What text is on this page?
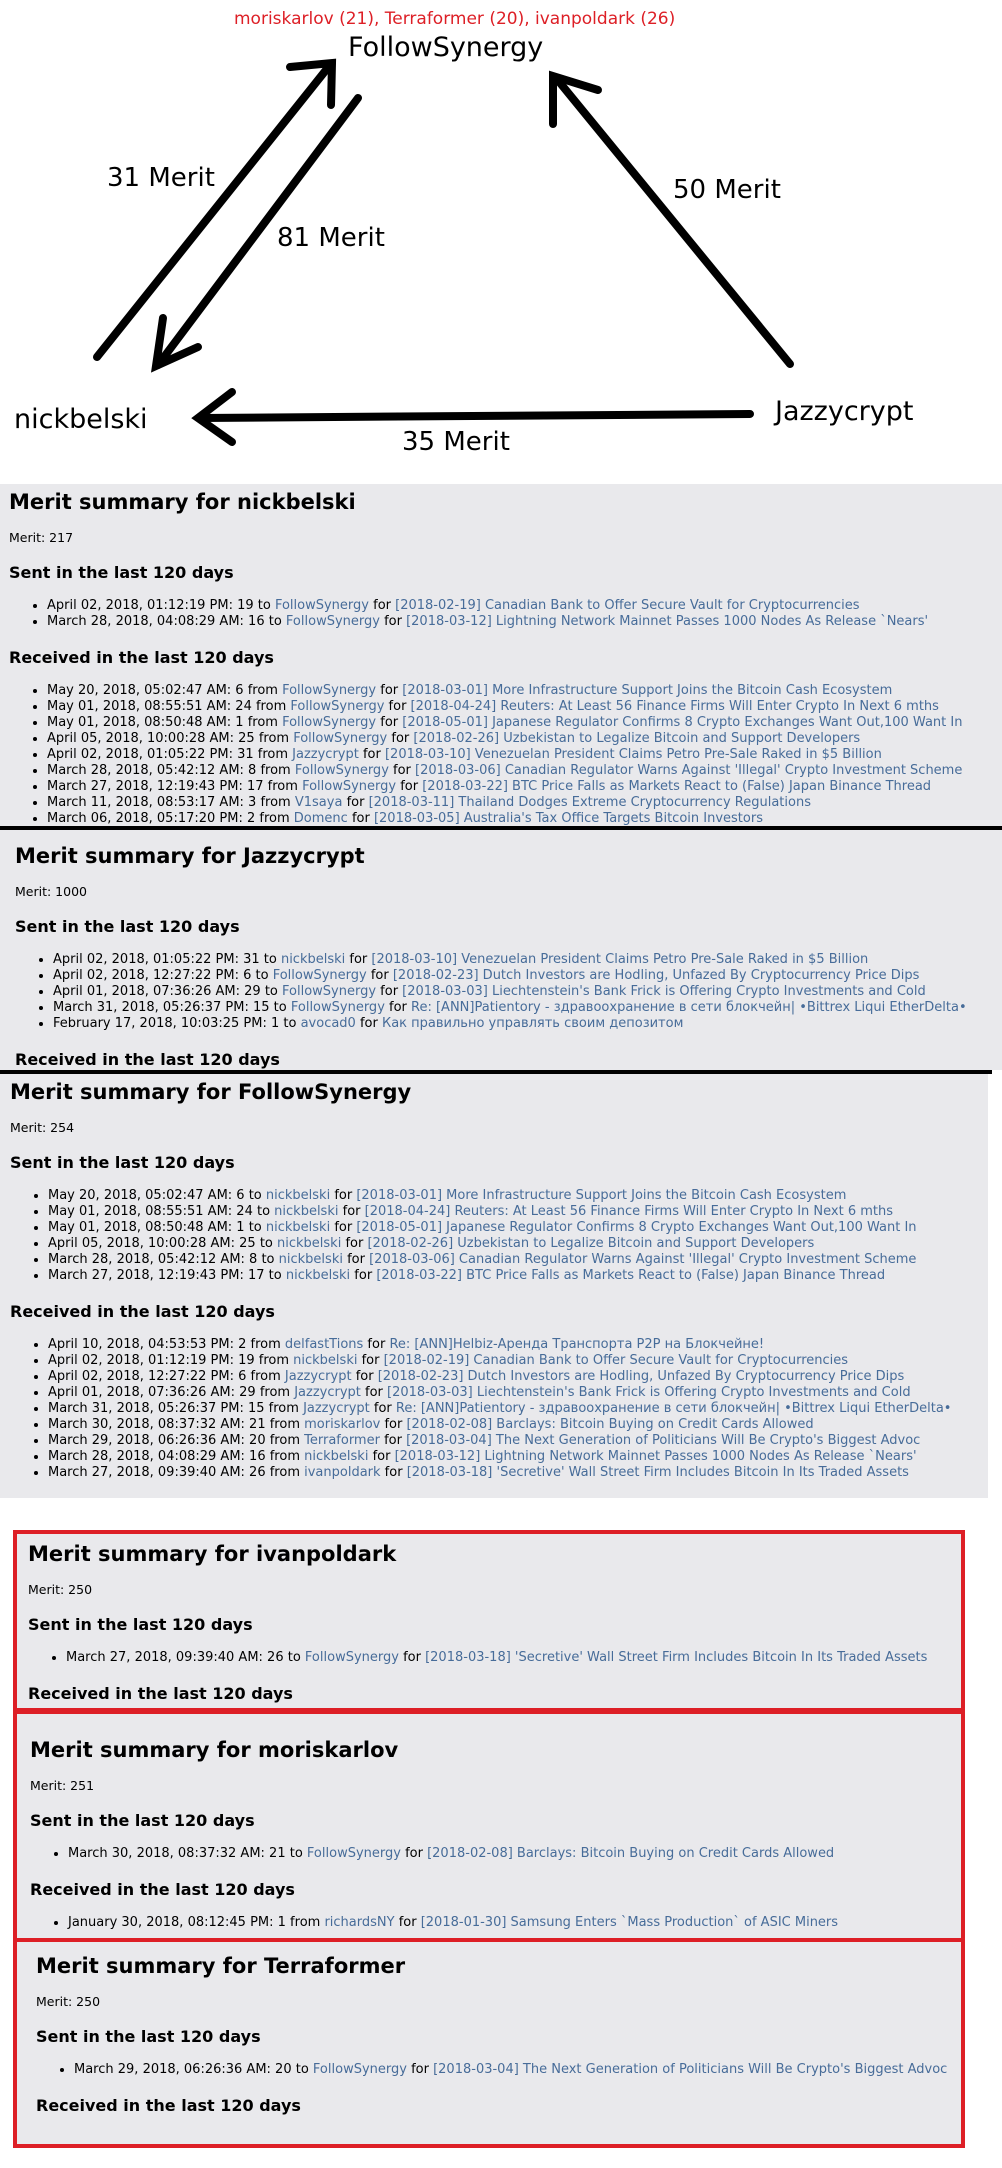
moriskarlov (21), Terraformer (20), ivanpoldark (26)
FollowSynergy
nickbelski	Jazzycrypt
31 Merit
81 Merit
50 Merit
35 Merit
Merit summary for nickbelski
Merit: 217
Sent in the last 120 days
• April 02, 2018, 01:12:19 PM: 19 to FollowSynergy for [2018-02-19] Canadian Bank to Offer Secure Vault for Cryptocurrencies
• March 28, 2018, 04:08:29 AM: 16 to FollowSynergy for [2018-03-12] Lightning Network Mainnet Passes 1000 Nodes As Release `Nears'
Received in the last 120 days
• May 20, 2018, 05:02:47 AM: 6 from FollowSynergy for [2018-03-01] More Infrastructure Support Joins the Bitcoin Cash Ecosystem
• May 01, 2018, 08:55:51 AM: 24 from FollowSynergy for [2018-04-24] Reuters: At Least 56 Finance Firms Will Enter Crypto In Next 6 mths
• May 01, 2018, 08:50:48 AM: 1 from FollowSynergy for [2018-05-01] Japanese Regulator Confirms 8 Crypto Exchanges Want Out,100 Want In
• April 05, 2018, 10:00:28 AM: 25 from FollowSynergy for [2018-02-26] Uzbekistan to Legalize Bitcoin and Support Developers
• April 02, 2018, 01:05:22 PM: 31 from Jazzycrypt for [2018-03-10] Venezuelan President Claims Petro Pre-Sale Raked in $5 Billion
• March 28, 2018, 05:42:12 AM: 8 from FollowSynergy for [2018-03-06] Canadian Regulator Warns Against 'Illegal' Crypto Investment Scheme
• March 27, 2018, 12:19:43 PM: 17 from FollowSynergy for [2018-03-22] BTC Price Falls as Markets React to (False) Japan Binance Thread
• March 11, 2018, 08:53:17 AM: 3 from V1saya for [2018-03-11] Thailand Dodges Extreme Cryptocurrency Regulations
• March 06, 2018, 05:17:20 PM: 2 from Domenc for [2018-03-05] Australia's Tax Office Targets Bitcoin Investors
Merit summary for Jazzycrypt
Merit: 1000
Sent in the last 120 days
• April 02, 2018, 01:05:22 PM: 31 to nickbelski for [2018-03-10] Venezuelan President Claims Petro Pre-Sale Raked in $5 Billion
• April 02, 2018, 12:27:22 PM: 6 to FollowSynergy for [2018-02-23] Dutch Investors are Hodling, Unfazed By Cryptocurrency Price Dips
• April 01, 2018, 07:36:26 AM: 29 to FollowSynergy for [2018-03-03] Liechtenstein's Bank Frick is Offering Crypto Investments and Cold
• March 31, 2018, 05:26:37 PM: 15 to FollowSynergy for Re: [ANN]Patientory - здравоохранение в сети блокчейн| •Bittrex Liqui EtherDelta•
• February 17, 2018, 10:03:25 PM: 1 to avocad0 for Как правильно управлять своим депозитом
Received in the last 120 days
Merit summary for FollowSynergy
Merit: 254
Sent in the last 120 days
• May 20, 2018, 05:02:47 AM: 6 to nickbelski for [2018-03-01] More Infrastructure Support Joins the Bitcoin Cash Ecosystem
• May 01, 2018, 08:55:51 AM: 24 to nickbelski for [2018-04-24] Reuters: At Least 56 Finance Firms Will Enter Crypto In Next 6 mths
• May 01, 2018, 08:50:48 AM: 1 to nickbelski for [2018-05-01] Japanese Regulator Confirms 8 Crypto Exchanges Want Out,100 Want In
• April 05, 2018, 10:00:28 AM: 25 to nickbelski for [2018-02-26] Uzbekistan to Legalize Bitcoin and Support Developers
• March 28, 2018, 05:42:12 AM: 8 to nickbelski for [2018-03-06] Canadian Regulator Warns Against 'Illegal' Crypto Investment Scheme
• March 27, 2018, 12:19:43 PM: 17 to nickbelski for [2018-03-22] BTC Price Falls as Markets React to (False) Japan Binance Thread
Received in the last 120 days
• April 10, 2018, 04:53:53 PM: 2 from delfastTions for Re: [ANN]Helbiz-Аренда Транспорта P2P на Блокчейне!
• April 02, 2018, 01:12:19 PM: 19 from nickbelski for [2018-02-19] Canadian Bank to Offer Secure Vault for Cryptocurrencies
• April 02, 2018, 12:27:22 PM: 6 from Jazzycrypt for [2018-02-23] Dutch Investors are Hodling, Unfazed By Cryptocurrency Price Dips
• April 01, 2018, 07:36:26 AM: 29 from Jazzycrypt for [2018-03-03] Liechtenstein's Bank Frick is Offering Crypto Investments and Cold
• March 31, 2018, 05:26:37 PM: 15 from Jazzycrypt for Re: [ANN]Patientory - здравоохранение в сети блокчейн| •Bittrex Liqui EtherDelta•
• March 30, 2018, 08:37:32 AM: 21 from moriskarlov for [2018-02-08] Barclays: Bitcoin Buying on Credit Cards Allowed
• March 29, 2018, 06:26:36 AM: 20 from Terraformer for [2018-03-04] The Next Generation of Politicians Will Be Crypto's Biggest Advoc
• March 28, 2018, 04:08:29 AM: 16 from nickbelski for [2018-03-12] Lightning Network Mainnet Passes 1000 Nodes As Release `Nears'
• March 27, 2018, 09:39:40 AM: 26 from ivanpoldark for [2018-03-18] 'Secretive' Wall Street Firm Includes Bitcoin In Its Traded Assets
Merit summary for ivanpoldark
Merit: 250
Sent in the last 120 days
• March 27, 2018, 09:39:40 AM: 26 to FollowSynergy for [2018-03-18] 'Secretive' Wall Street Firm Includes Bitcoin In Its Traded Assets
Received in the last 120 days
Merit summary for moriskarlov
Merit: 251
Sent in the last 120 days
• March 30, 2018, 08:37:32 AM: 21 to FollowSynergy for [2018-02-08] Barclays: Bitcoin Buying on Credit Cards Allowed
Received in the last 120 days
• January 30, 2018, 08:12:45 PM: 1 from richardsNY for [2018-01-30] Samsung Enters `Mass Production` of ASIC Miners
Merit summary for Terraformer
Merit: 250
Sent in the last 120 days
• March 29, 2018, 06:26:36 AM: 20 to FollowSynergy for [2018-03-04] The Next Generation of Politicians Will Be Crypto's Biggest Advoc
Received in the last 120 days
